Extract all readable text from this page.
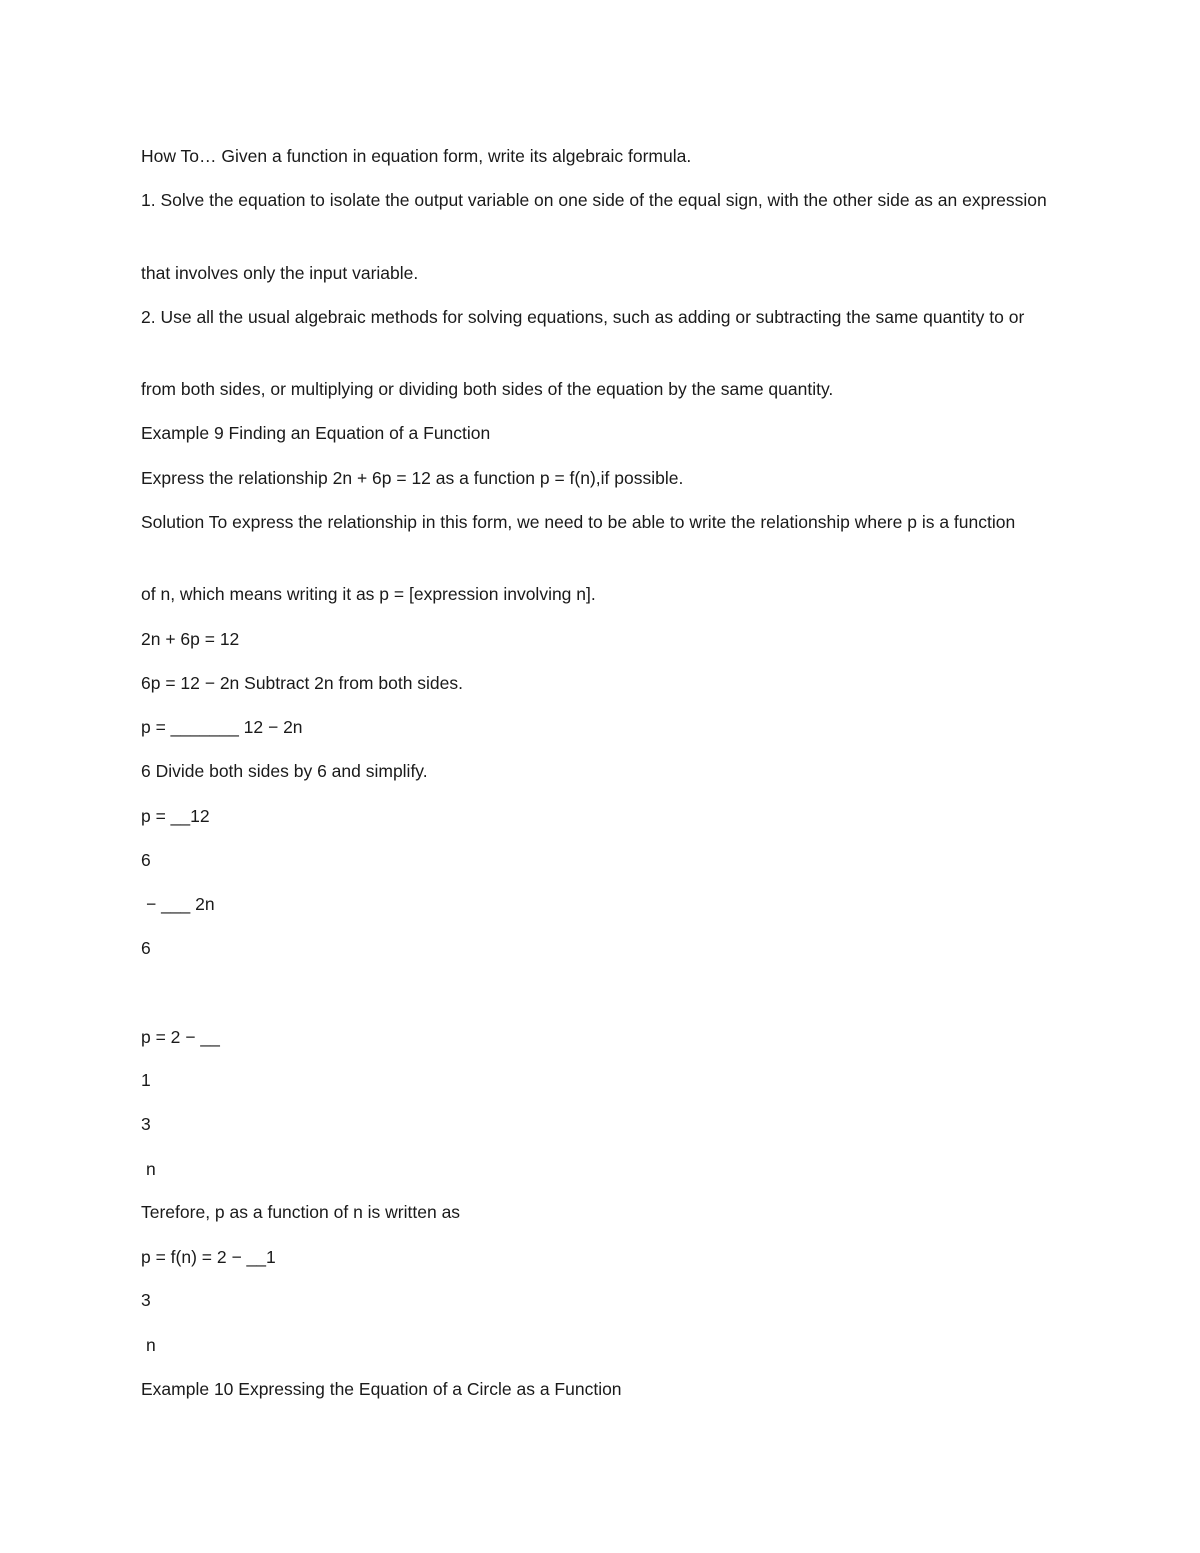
How To… Given a function in equation form, write its algebraic formula.

1. Solve the equation to isolate the output variable on one side of the equal sign, with the other side as an expression

that involves only the input variable.

2. Use all the usual algebraic methods for solving equations, such as adding or subtracting the same quantity to or

from both sides, or multiplying or dividing both sides of the equation by the same quantity.

Example 9 Finding an Equation of a Function

Express the relationship 2n + 6p = 12 as a function p = f(n),if possible.

Solution To express the relationship in this form, we need to be able to write the relationship where p is a function

of n, which means writing it as p = [expression involving n].

2n + 6p = 12

6p = 12 − 2n Subtract 2n from both sides.

p = _______ 12 − 2n

6 Divide both sides by 6 and simplify.

p = __12

6

− ___ 2n

6

p = 2 − __

1

3

n

Terefore, p as a function of n is written as

p = f(n) = 2 − __1

3

n

Example 10 Expressing the Equation of a Circle as a Function
